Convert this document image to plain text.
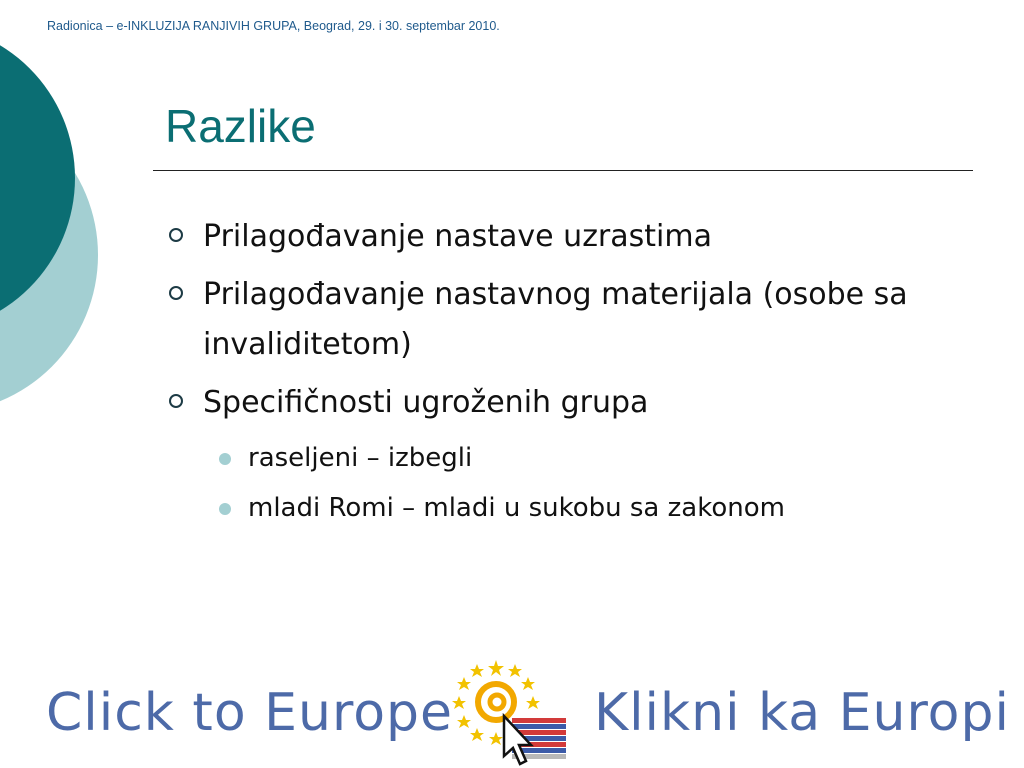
Radionica – e-INKLUZIJA RANJIVIH GRUPA, Beograd, 29. i 30. septembar 2010.
Razlike
Prilagođavanje nastave uzrastima
Prilagođavanje nastavnog materijala (osobe sa invaliditetom)
Specifičnosti ugroženih grupa
raseljeni – izbegli
mladi Romi – mladi u sukobu sa zakonom
Click to Europe	Klikni ka Europi
